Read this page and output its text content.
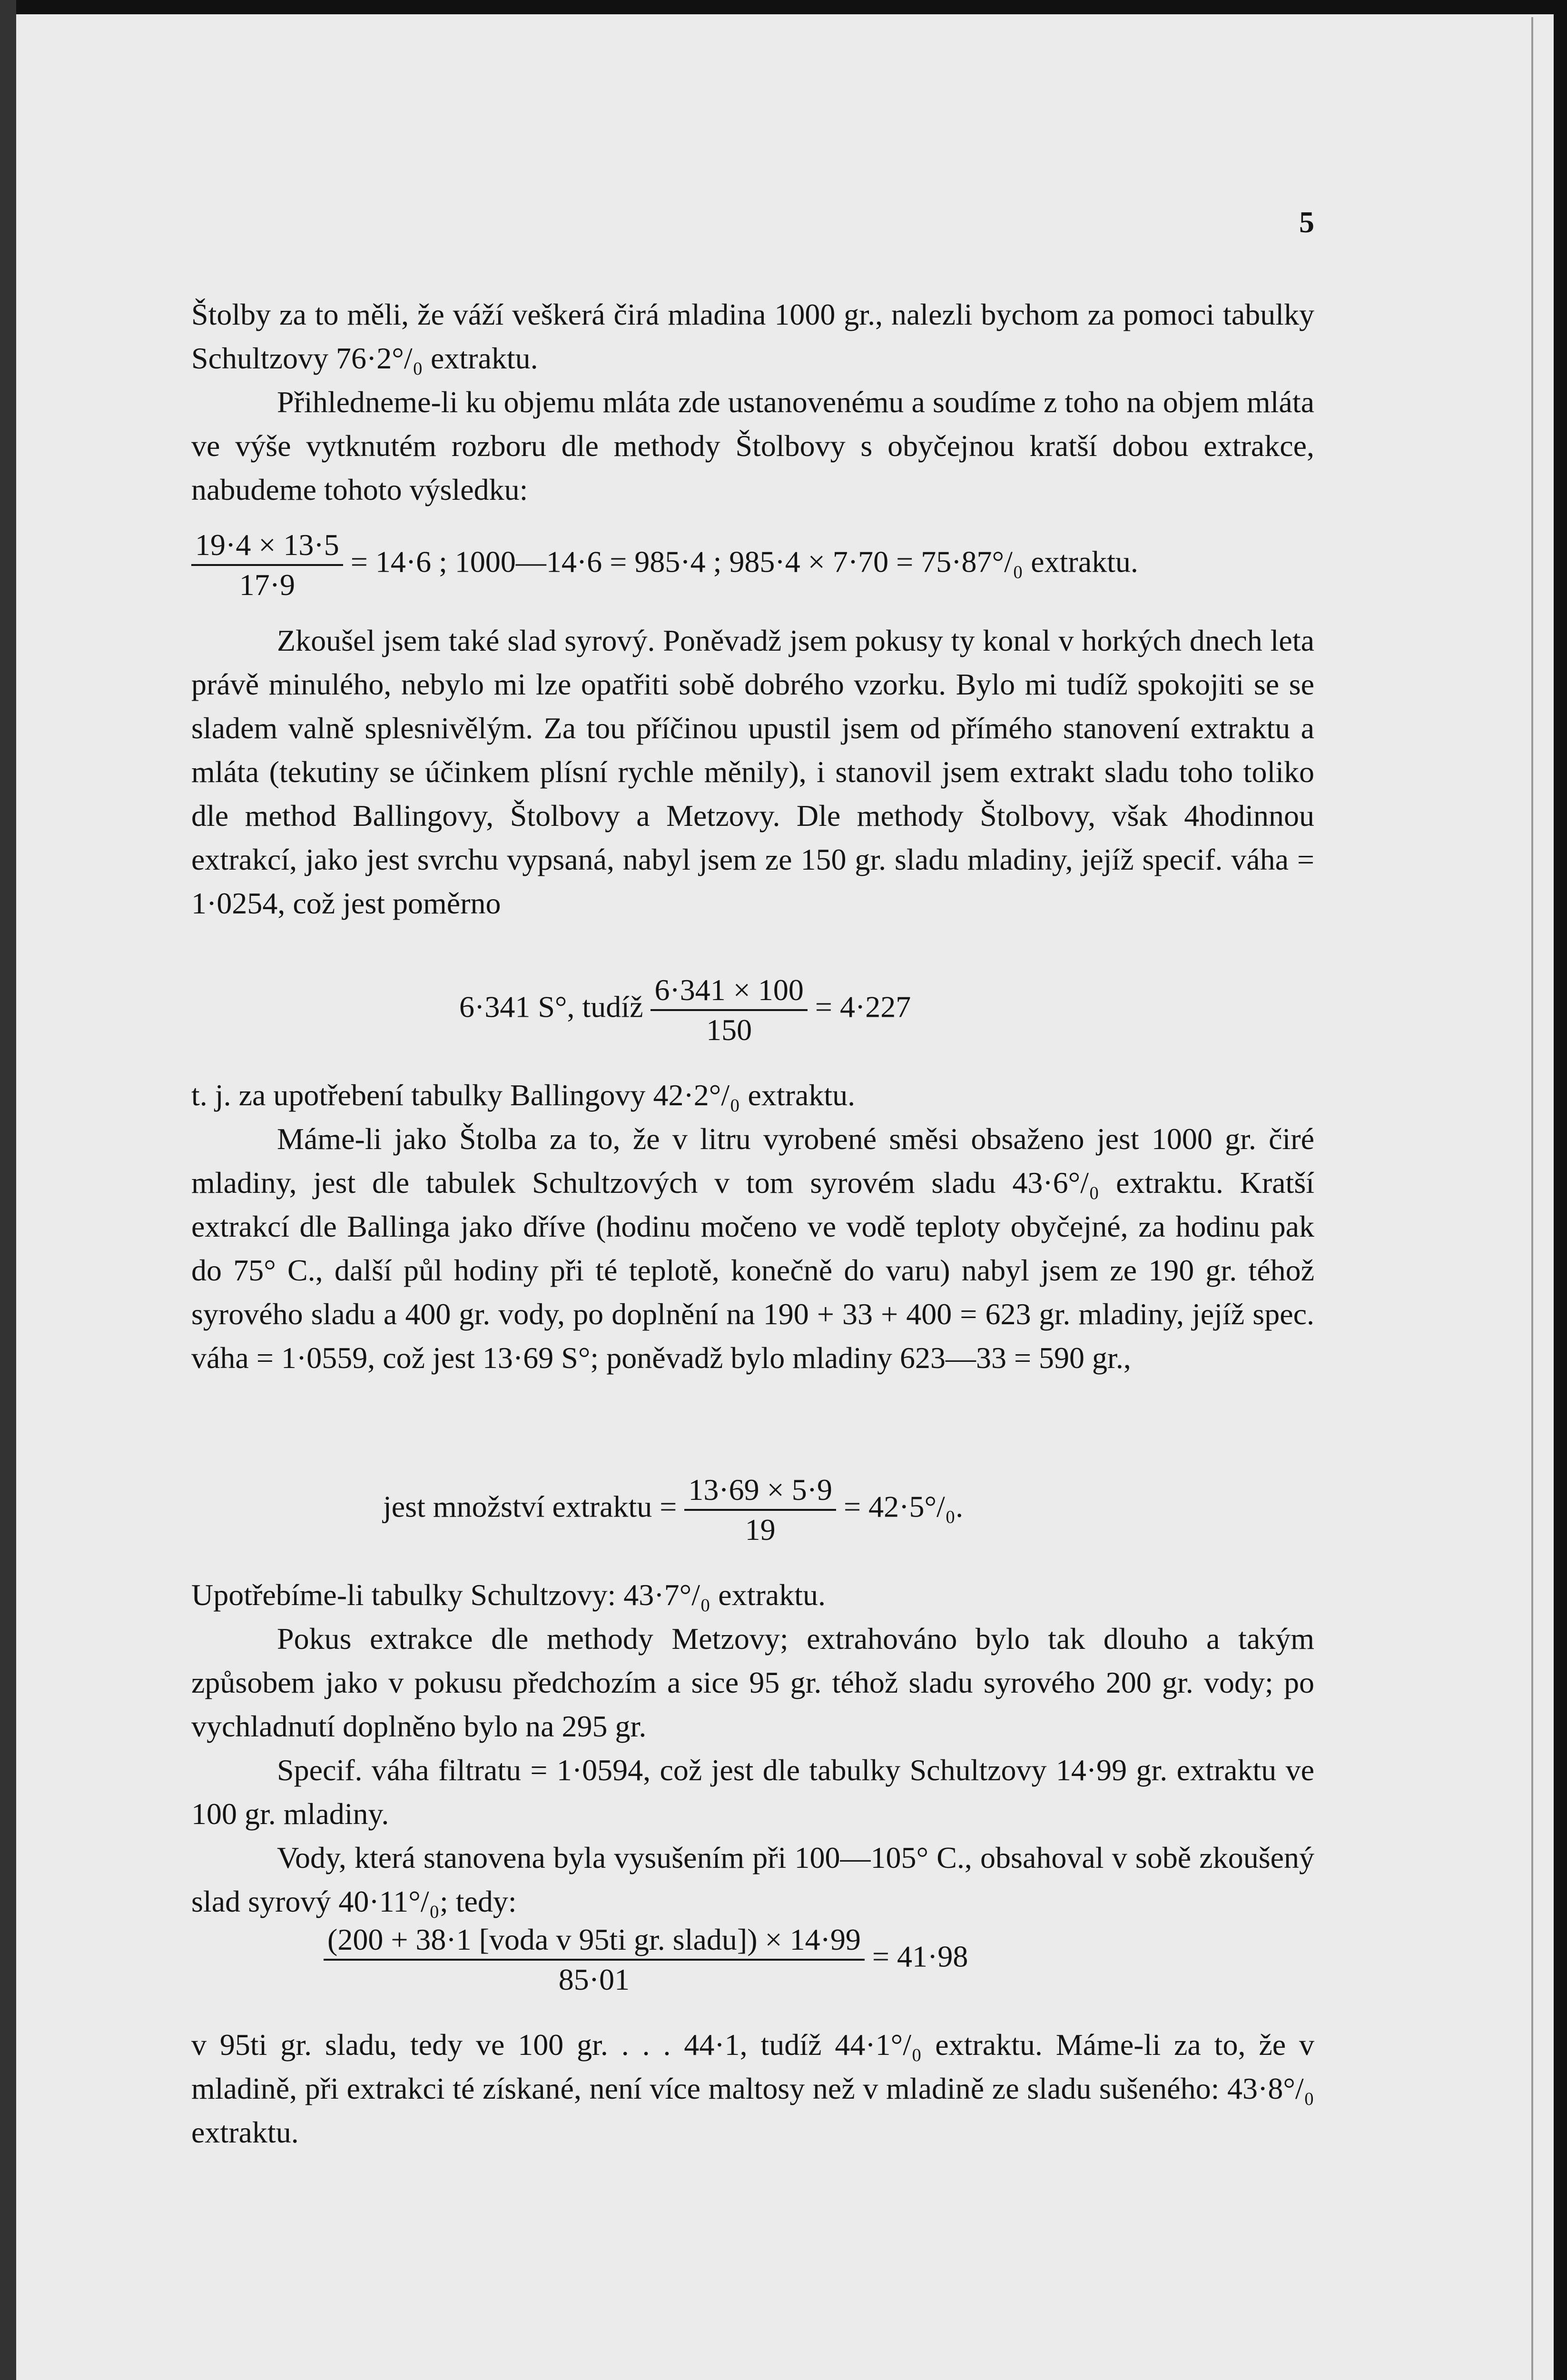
5

Štolby za to měli, že váží veškerá čirá mladina 1000 gr., nalezli bychom za pomoci tabulky Schultzovy 76·2°/₀ extraktu.

Přihledneme-li ku objemu mláta zde ustanovenému a soudíme z toho na objem mláta ve výše vytknutém rozboru dle methody Štolbovy s obyčejnou kratší dobou extrakce, nabudeme tohoto výsledku:

$\frac{19\cdot 4 \times 13\cdot 5}{17\cdot 9} = 14\cdot 6$ ; 1000—14·6 = 985·4 ; 985·4 × 7·70 = 75·87°/₀ extraktu.

Zkoušel jsem také slad syrový. Poněvadž jsem pokusy ty konal v horkých dnech leta právě minulého, nebylo mi lze opatřiti sobě dobrého vzorku. Bylo mi tudíž spokojiti se se sladem valně splesnivělým. Za tou příčinou upustil jsem od přímého stanovení extraktu a mláta (tekutiny se účinkem plísní rychle měnily), i stanovil jsem extrakt sladu toho toliko dle method Ballingovy, Štolbovy a Metzovy. Dle methody Štolbovy, však 4hodinnou extrakcí, jako jest svrchu vypsaná, nabyl jsem ze 150 gr. sladu mladiny, jejíž specif. váha = 1·0254, což jest poměrno

6·341 S°, tudíž $\frac{6\cdot 341 \times 100}{150} = 4\cdot 227$

t. j. za upotřebení tabulky Ballingovy 42·2°/₀ extraktu.

Máme-li jako Štolba za to, že v litru vyrobené směsi obsaženo jest 1000 gr. čiré mladiny, jest dle tabulek Schultzových v tom syrovém sladu 43·6°/₀ extraktu. Kratší extrakcí dle Ballinga jako dříve (hodinu močeno ve vodě teploty obyčejné, za hodinu pak do 75° C., další půl hodiny při té teplotě, konečně do varu) nabyl jsem ze 190 gr. téhož syrového sladu a 400 gr. vody, po doplnění na 190 + 33 + 400 = 623 gr. mladiny, jejíž spec. váha = 1·0559, což jest 13·69 S°; poněvadž bylo mladiny 623—33 = 590 gr.,

jest množství extraktu = $\frac{13\cdot 69 \times 5\cdot 9}{19} = 42\cdot 5^\circ/_0$.

Upotřebíme-li tabulky Schultzovy: 43·7°/₀ extraktu.

Pokus extrakce dle methody Metzovy; extrahováno bylo tak dlouho a takým způsobem jako v pokusu předchozím a sice 95 gr. téhož sladu syrového 200 gr. vody; po vychladnutí doplněno bylo na 295 gr.

Specif. váha filtratu = 1·0594, což jest dle tabulky Schultzovy 14·99 gr. extraktu ve 100 gr. mladiny.

Vody, která stanovena byla vysušením při 100—105° C., obsahoval v sobě zkoušený slad syrový 40·11°/₀; tedy:

$\frac{\text{(200 + 38·1 [voda v 95ti gr. sladu]) × 14·99}}{85\cdot 01} = 41\cdot 98$

v 95ti gr. sladu, tedy ve 100 gr. . . . 44·1, tudíž 44·1°/₀ extraktu. Máme-li za to, že v mladině, při extrakci té získané, není více maltosy než v mladině ze sladu sušeného: 43·8°/₀ extraktu.
